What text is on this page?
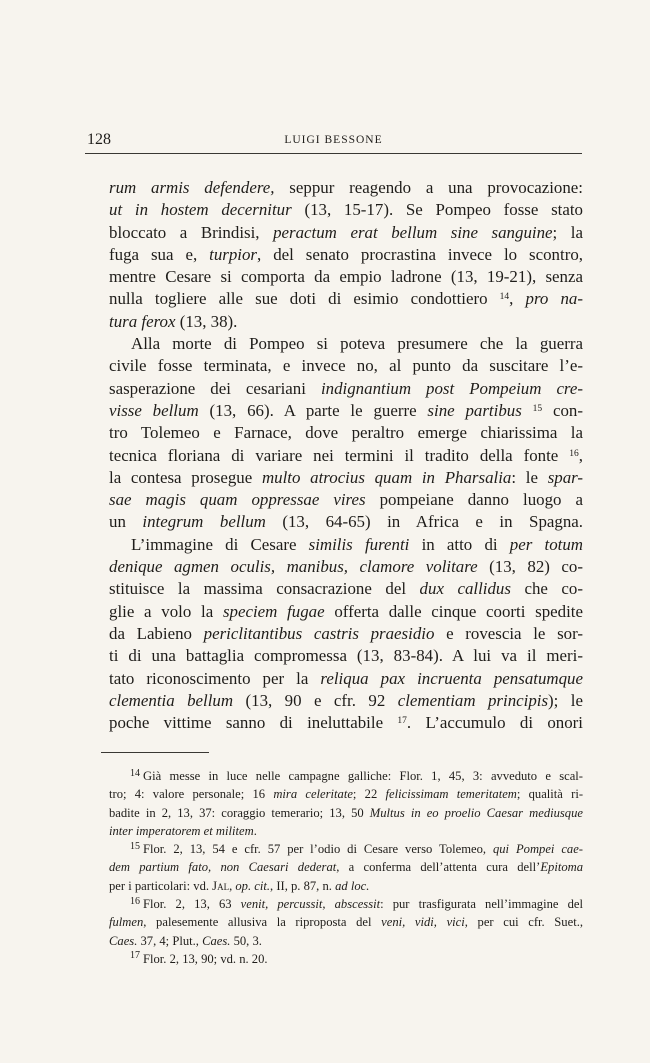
128	LUIGI BESSONE
rum armis defendere, seppur reagendo a una provocazione:
ut in hostem decernitur (13, 15-17). Se Pompeo fosse stato
bloccato a Brindisi, peractum erat bellum sine sanguine; la
fuga sua e, turpior, del senato procrastina invece lo scontro,
mentre Cesare si comporta da empio ladrone (13, 19-21), senza
nulla togliere alle sue doti di esimio condottiero $^{14}$, pro na-
tura ferox (13, 38).
Alla morte di Pompeo si poteva presumere che la guerra
civile fosse terminata, e invece no, al punto da suscitare l’e-
sasperazione dei cesariani indignantium post Pompeium cre-
visse bellum (13, 66). A parte le guerre sine partibus $^{15}$ con-
tro Tolemeo e Farnace, dove peraltro emerge chiarissima la
tecnica floriana di variare nei termini il tradito della fonte $^{16}$,
la contesa prosegue multo atrocius quam in Pharsalia: le spar-
sae magis quam oppressae vires pompeiane danno luogo a
un integrum bellum (13, 64-65) in Africa e in Spagna.
L’immagine di Cesare similis furenti in atto di per totum
denique agmen oculis, manibus, clamore volitare (13, 82) co-
stituisce la massima consacrazione del dux callidus che co-
glie a volo la speciem fugae offerta dalle cinque coorti spedite
da Labieno periclitantibus castris praesidio e rovescia le sor-
ti di una battaglia compromessa (13, 83-84). A lui va il meri-
tato riconoscimento per la reliqua pax incruenta pensatumque
clementia bellum (13, 90 e cfr. 92 clementiam principis); le
poche vittime sanno di ineluttabile $^{17}$. L’accumulo di onori
$^{14}$ Già messe in luce nelle campagne galliche: Flor. 1, 45, 3: avveduto e scal-
tro; 4: valore personale; 16 mira celeritate; 22 felicissimam temeritatem; qualità ri-
badite in 2, 13, 37: coraggio temerario; 13, 50 Multus in eo proelio Caesar mediusque
inter imperatorem et militem.
$^{15}$ Flor. 2, 13, 54 e cfr. 57 per l’odio di Cesare verso Tolemeo, qui Pompei cae-
dem partium fato, non Caesari dederat, a conferma dell’attenta cura dell’Epitoma
per i particolari: vd. Jal, op. cit., II, p. 87, n. ad loc.
$^{16}$ Flor. 2, 13, 63 venit, percussit, abscessit: pur trasfigurata nell’immagine del
fulmen, palesemente allusiva la riproposta del veni, vidi, vici, per cui cfr. Suet.,
Caes. 37, 4; Plut., Caes. 50, 3.
$^{17}$ Flor. 2, 13, 90; vd. n. 20.
